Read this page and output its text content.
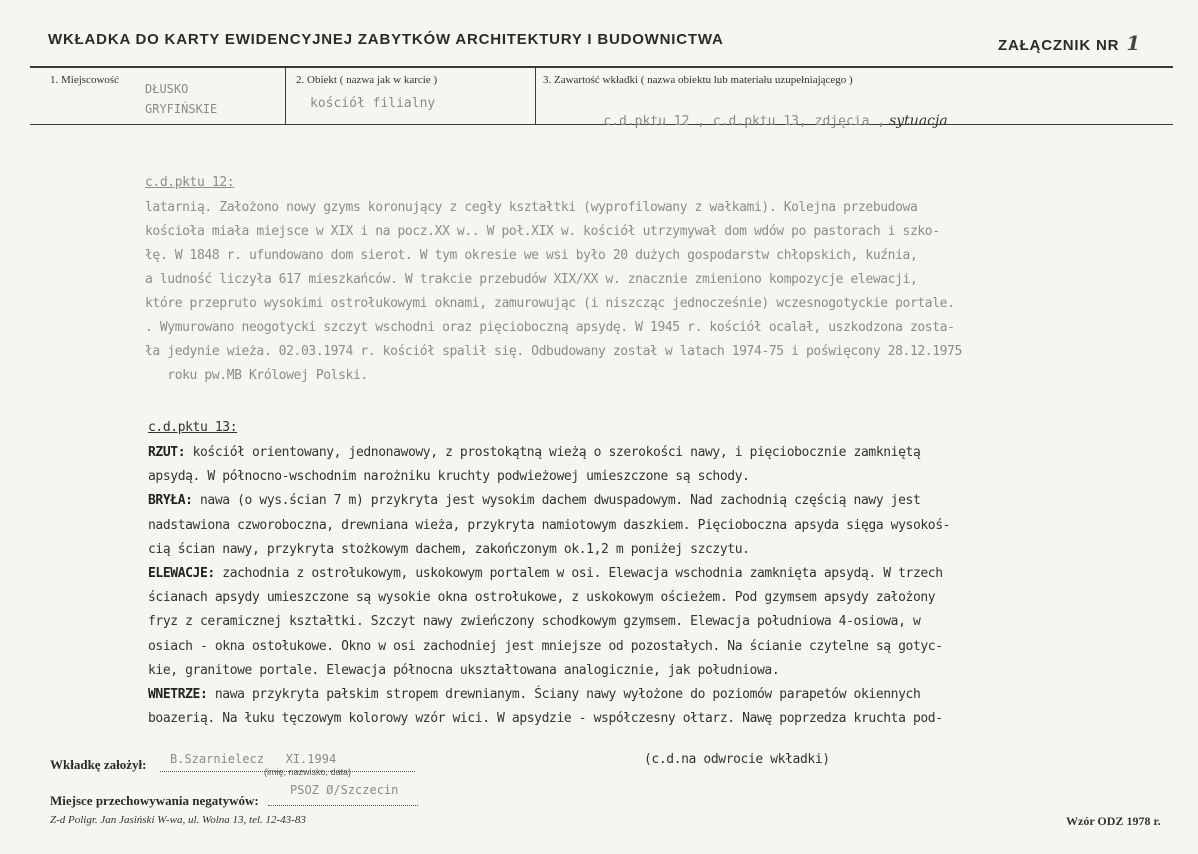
WKŁADKA DO KARTY EWIDENCYJNEJ ZABYTKÓW ARCHITEKTURY I BUDOWNICTWA	ZAŁĄCZNIK NR 1
1. Miejscowość
DŁUSKO
GRYFIŃSKIE
2. Obiekt ( nazwa jak w karcie )
kościół filialny
3. Zawartość wkładki ( nazwa obiektu lub materiału uzupełniającego )

c.d.pktu 12 , c.d.pktu 13, zdjęcia , sytuacja

c.d.pktu 12:
latarnią. Założono nowy gzyms koronujący z cegły kształtki (wyprofilowany z wałkami). Kolejna przebudowa
kościoła miała miejsce w XIX i na pocz.XX w.. W poł.XIX w. kościół utrzymywał dom wdów po pastorach i szko-
łę. W 1848 r. ufundowano dom sierot. W tym okresie we wsi było 20 dużych gospodarstw chłopskich, kuźnia,
a ludność liczyła 617 mieszkańców. W trakcie przebudów XIX/XX w. znacznie zmieniono kompozycje elewacji,
które przepruto wysokimi ostrołukowymi oknami, zamurowując (i niszcząc jednocześnie) wczesnogotyckie portale.
. Wymurowano neogotycki szczyt wschodni oraz pięcioboczną apsydę. W 1945 r. kościół ocalał, uszkodzona zosta-
ła jedynie wieża. 02.03.1974 r. kościół spalił się. Odbudowany został w latach 1974-75 i poświęcony 28.12.1975
roku pw.MB Królowej Polski.
c.d.pktu 13:
RZUT: kościół orientowany, jednonawowy, z prostokątną wieżą o szerokości nawy, i pięciobocznie zamkniętą
apsydą. W północno-wschodnim narożniku kruchty podwieżowej umieszczone są schody.
BRYŁA: nawa (o wys.ścian 7 m) przykryta jest wysokim dachem dwuspadowym. Nad zachodnią częścią nawy jest
nadstawiona czworoboczna, drewniana wieża, przykryta namiotowym daszkiem. Pięcioboczna apsyda sięga wysokoś-
cią ścian nawy, przykryta stożkowym dachem, zakończonym ok.1,2 m poniżej szczytu.
ELEWACJE: zachodnia z ostrołukowym, uskokowym portalem w osi. Elewacja wschodnia zamknięta apsydą. W trzech
ścianach apsydy umieszczone są wysokie okna ostrołukowe, z uskokowym ościeżem. Pod gzymsem apsydy założony
fryz z ceramicznej kształtki. Szczyt nawy zwieńczony schodkowym gzymsem. Elewacja południowa 4-osiowa, w
osiach - okna ostołukowe. Okno w osi zachodniej jest mniejsze od pozostałych. Na ścianie czytelne są gotyc-
kie, granitowe portale. Elewacja północna ukształtowana analogicznie, jak południowa.
WNETRZE: nawa przykryta pałskim stropem drewnianym. Ściany nawy wyłożone do poziomów parapetów okiennych
boazerią. Na łuku tęczowym kolorowy wzór wici. W apsydzie - współczesny ołtarz. Nawę poprzedza kruchta pod-
(c.d.na odwrocie wkładki)
Wkładkę założył: B.Szarnielecz   XI.1994
(imię, nazwisko, data)
Miejsce przechowywania negatywów:
PSOZ Ø/Szczecin
Z-d Poligr. Jan Jasiński W-wa, ul. Wolna 13, tel. 12-43-83	Wzór ODZ 1978 r.
